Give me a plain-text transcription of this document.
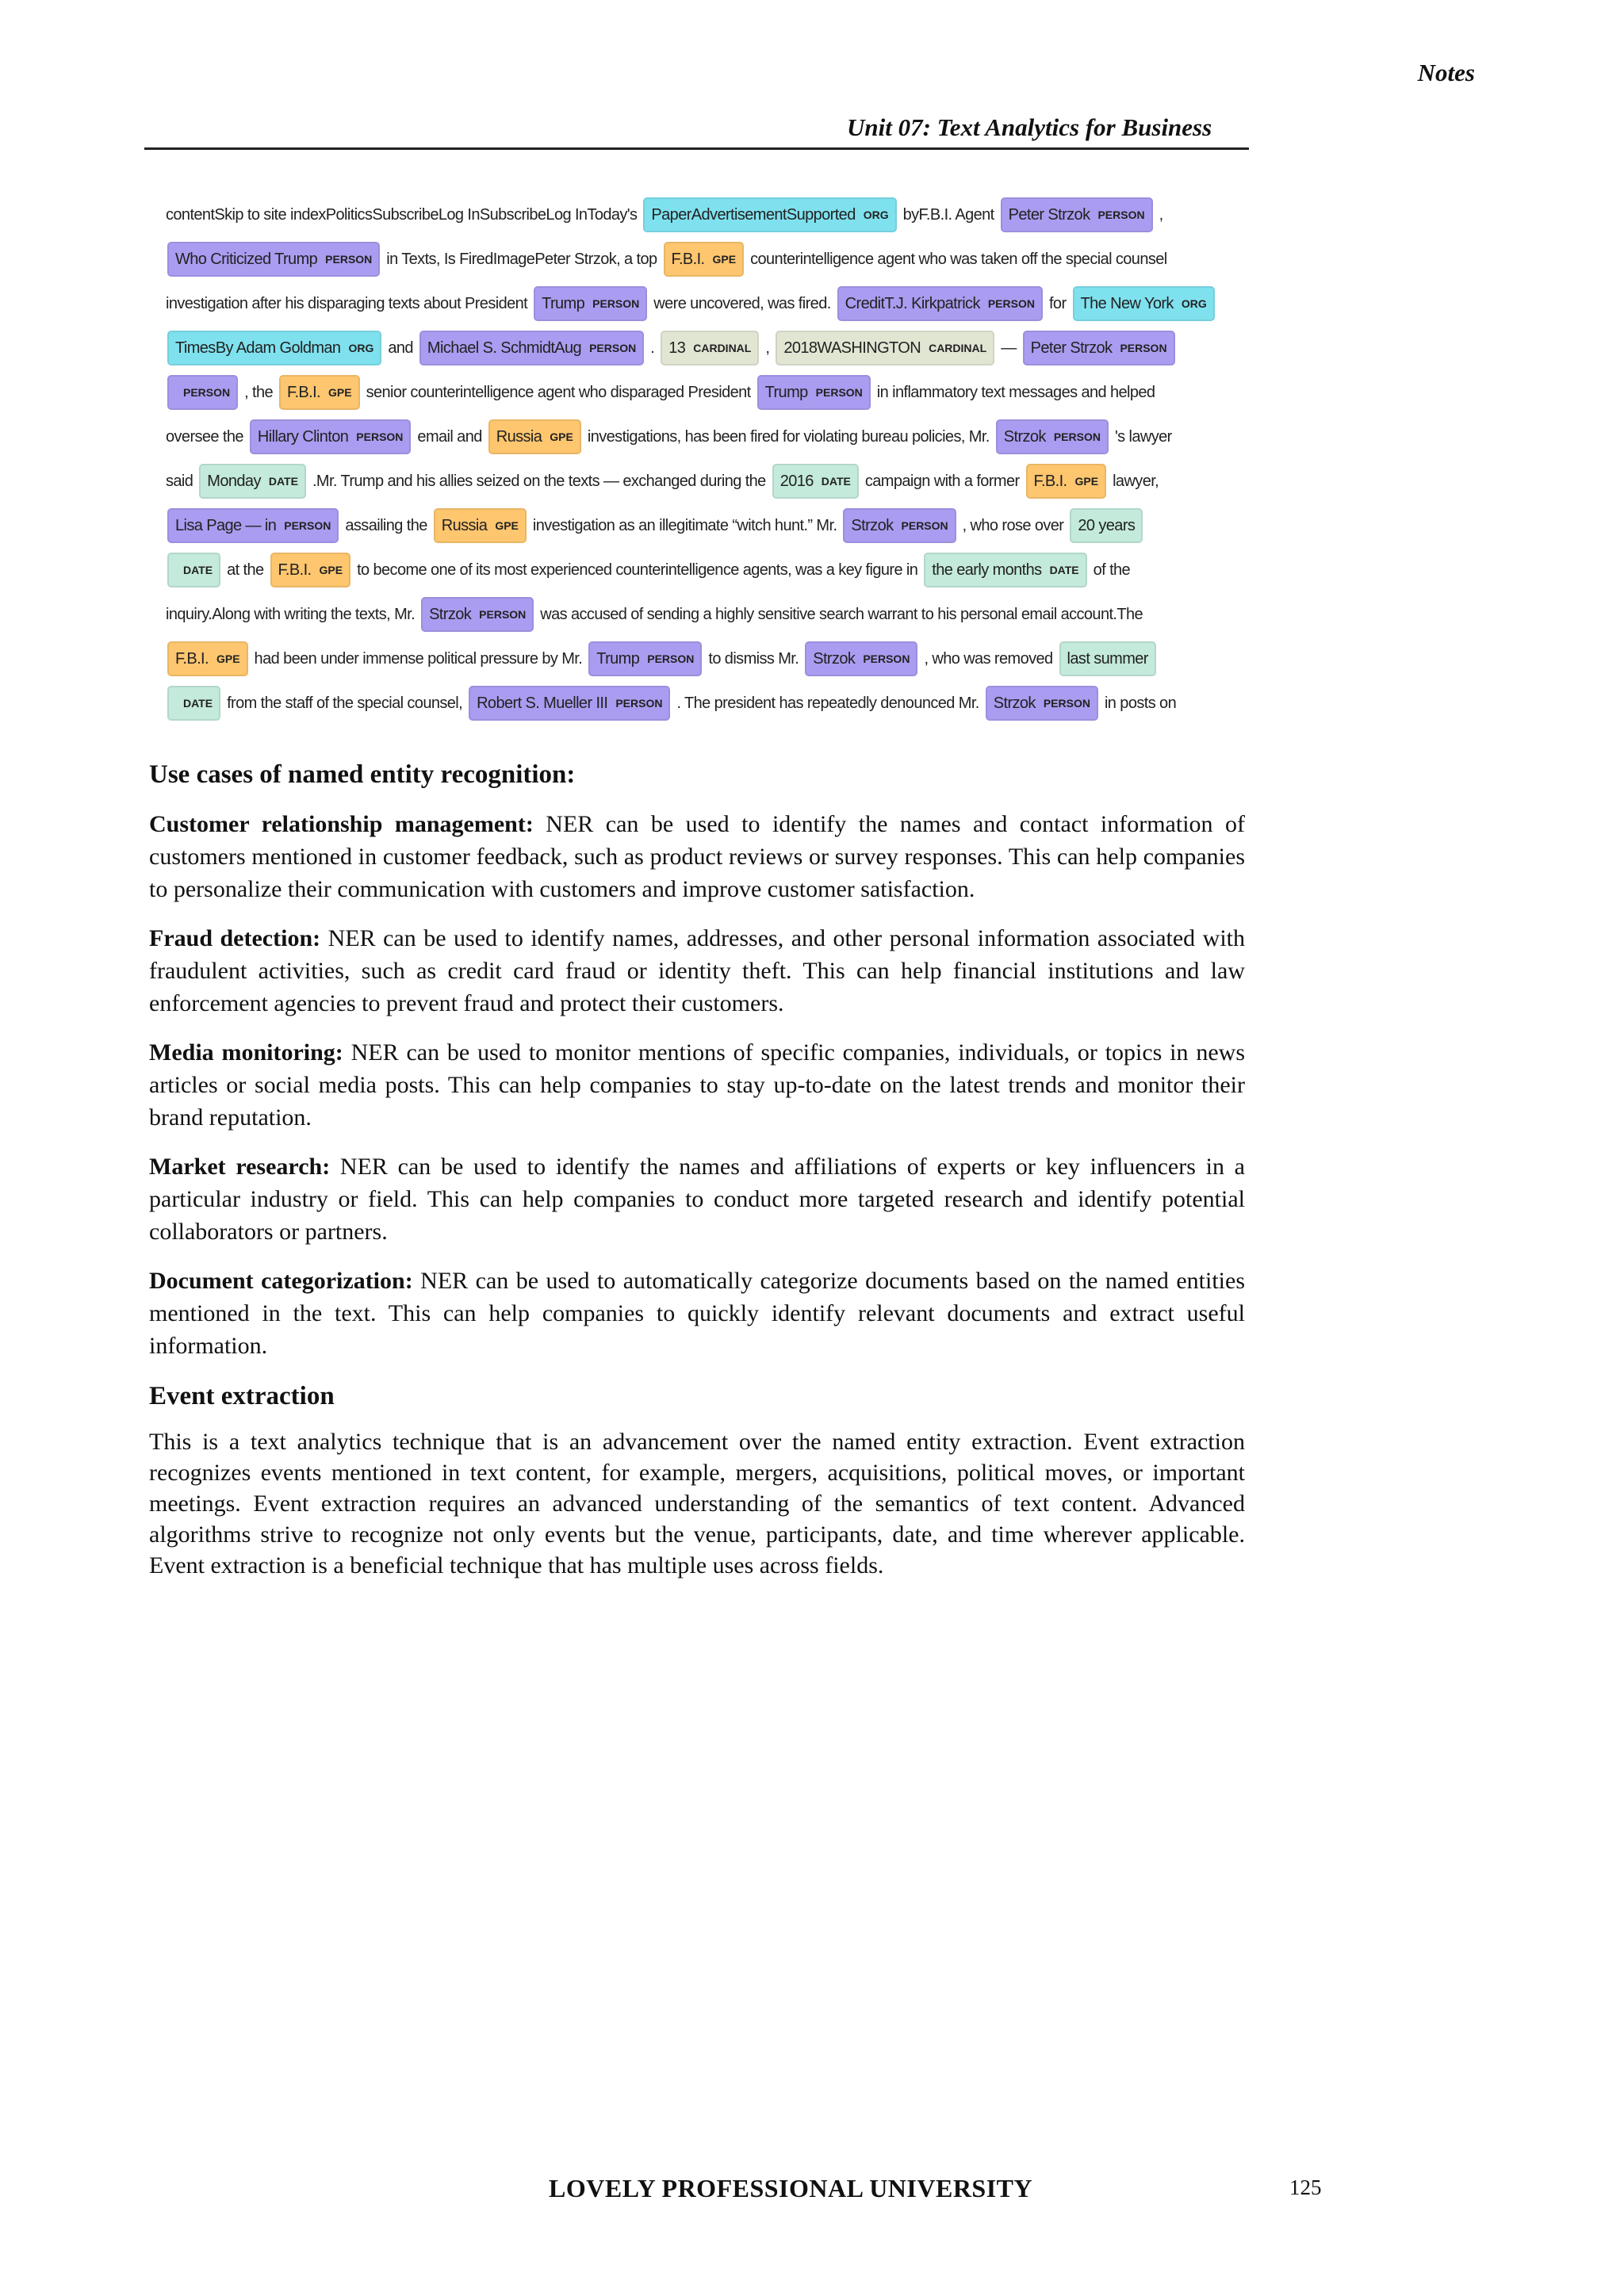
Notes
Unit 07: Text Analytics for Business
contentSkip to site indexPoliticsSubscribeLog InSubscribeLog InToday's PaperAdvertisementSupported ORG byF.B.I. Agent Peter Strzok PERSON ,
Who Criticized Trump PERSON in Texts, Is FiredImagePeter Strzok, a top F.B.I. GPE counterintelligence agent who was taken off the special counsel
investigation after his disparaging texts about President Trump PERSON were uncovered, was fired. CreditT.J. Kirkpatrick PERSON for The New York ORG
TimesBy Adam Goldman ORG and Michael S. SchmidtAug PERSON . 13 CARDINAL , 2018WASHINGTON CARDINAL — Peter Strzok PERSON
PERSON , the F.B.I. GPE senior counterintelligence agent who disparaged President Trump PERSON in inflammatory text messages and helped
oversee the Hillary Clinton PERSON email and Russia GPE investigations, has been fired for violating bureau policies, Mr. Strzok PERSON 's lawyer
said Monday DATE .Mr. Trump and his allies seized on the texts — exchanged during the 2016 DATE campaign with a former F.B.I. GPE lawyer,
Lisa Page — in PERSON assailing the Russia GPE investigation as an illegitimate “witch hunt.” Mr. Strzok PERSON , who rose over 20 years
DATE at the F.B.I. GPE to become one of its most experienced counterintelligence agents, was a key figure in the early months DATE of the
inquiry.Along with writing the texts, Mr. Strzok PERSON was accused of sending a highly sensitive search warrant to his personal email account.The
F.B.I. GPE had been under immense political pressure by Mr. Trump PERSON to dismiss Mr. Strzok PERSON , who was removed last summer
DATE from the staff of the special counsel, Robert S. Mueller III PERSON . The president has repeatedly denounced Mr. Strzok PERSON in posts on
Use cases of named entity recognition:

Customer relationship management: NER can be used to identify the names and contact information of customers mentioned in customer feedback, such as product reviews or survey responses. This can help companies to personalize their communication with customers and improve customer satisfaction.

Fraud detection: NER can be used to identify names, addresses, and other personal information associated with fraudulent activities, such as credit card fraud or identity theft. This can help financial institutions and law enforcement agencies to prevent fraud and protect their customers.

Media monitoring: NER can be used to monitor mentions of specific companies, individuals, or topics in news articles or social media posts. This can help companies to stay up-to-date on the latest trends and monitor their brand reputation.

Market research: NER can be used to identify the names and affiliations of experts or key influencers in a particular industry or field. This can help companies to conduct more targeted research and identify potential collaborators or partners.

Document categorization: NER can be used to automatically categorize documents based on the named entities mentioned in the text. This can help companies to quickly identify relevant documents and extract useful information.

Event extraction

This is a text analytics technique that is an advancement over the named entity extraction. Event extraction recognizes events mentioned in text content, for example, mergers, acquisitions, political moves, or important meetings. Event extraction requires an advanced understanding of the semantics of text content. Advanced algorithms strive to recognize not only events but the venue, participants, date, and time wherever applicable. Event extraction is a beneficial technique that has multiple uses across fields.

LOVELY PROFESSIONAL UNIVERSITY	125
